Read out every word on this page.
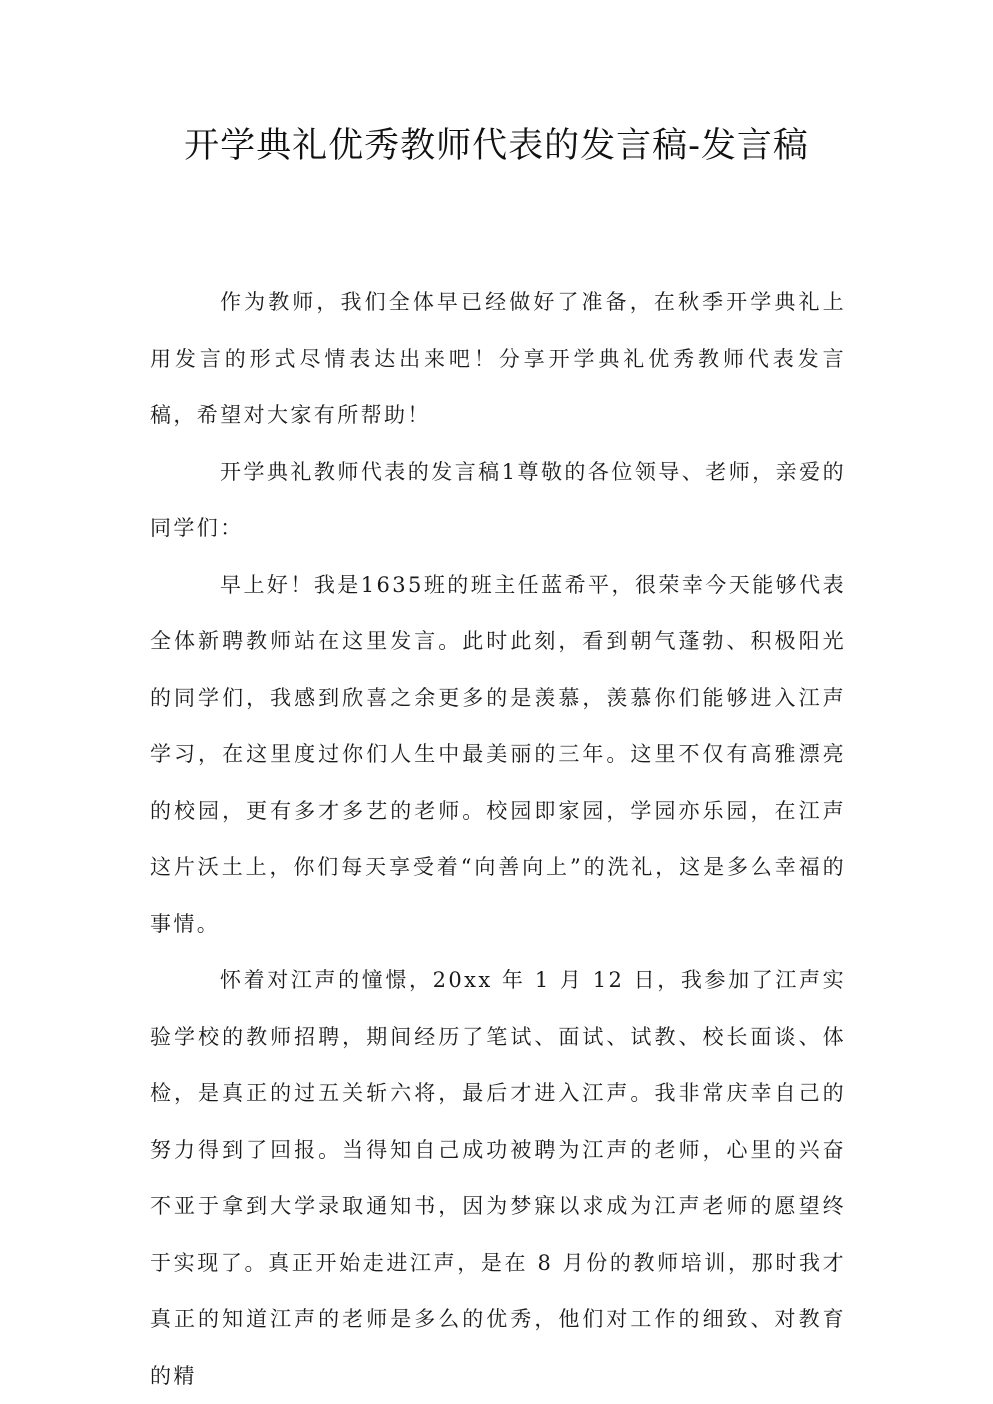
开学典礼优秀教师代表的发言稿-发言稿

作为教师，我们全体早已经做好了准备，在秋季开学典礼上用发言的形式尽情表达出来吧！分享开学典礼优秀教师代表发言稿，希望对大家有所帮助！

开学典礼教师代表的发言稿1尊敬的各位领导、老师，亲爱的同学们：

早上好！我是1635班的班主任蓝希平，很荣幸今天能够代表全体新聘教师站在这里发言。此时此刻，看到朝气蓬勃、积极阳光的同学们，我感到欣喜之余更多的是羡慕，羡慕你们能够进入江声学习，在这里度过你们人生中最美丽的三年。这里不仅有高雅漂亮的校园，更有多才多艺的老师。校园即家园，学园亦乐园，在江声这片沃土上，你们每天享受着“向善向上”的洗礼，这是多么幸福的事情。

怀着对江声的憧憬，20xx 年 1 月 12 日，我参加了江声实验学校的教师招聘，期间经历了笔试、面试、试教、校长面谈、体检，是真正的过五关斩六将，最后才进入江声。我非常庆幸自己的努力得到了回报。当得知自己成功被聘为江声的老师，心里的兴奋不亚于拿到大学录取通知书，因为梦寐以求成为江声老师的愿望终于实现了。真正开始走进江声，是在 8 月份的教师培训，那时我才真正的知道江声的老师是多么的优秀，他们对工作的细致、对教育的精
